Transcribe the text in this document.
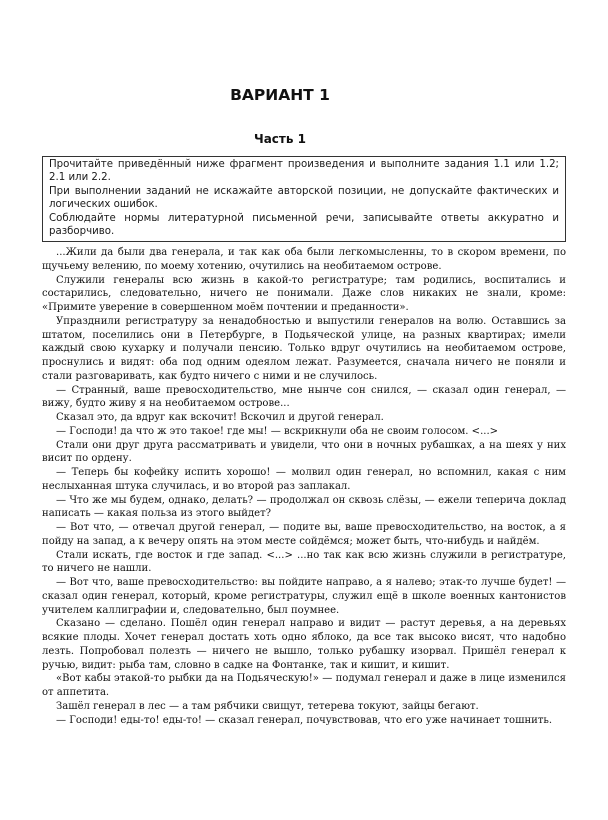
ВАРИАНТ 1
Часть 1

Прочитайте приведённый ниже фрагмент произведения и выполните задания 1.1 или 1.2; 2.1 или 2.2.

При выполнении заданий не искажайте авторской позиции, не допускайте фактических и логических ошибок.

Соблюдайте нормы литературной письменной речи, записывайте ответы аккуратно и разборчиво.

...Жили да были два генерала, и так как оба были легкомысленны, то в скором времени, по щучьему велению, по моему хотению, очутились на необитаемом острове.

Служили генералы всю жизнь в какой-то регистратуре; там родились, воспитались и состарились, следовательно, ничего не понимали. Даже слов никаких не знали, кроме: «Примите уверение в совершенном моём почтении и преданности».

Упразднили регистратуру за ненадобностью и выпустили генералов на волю. Оставшись за штатом, поселились они в Петербурге, в Подьяческой улице, на разных квартирах; имели каждый свою кухарку и получали пенсию. Только вдруг очутились на необитаемом острове, проснулись и видят: оба под одним одеялом лежат. Разумеется, сначала ничего не поняли и стали разговаривать, как будто ничего с ними и не случилось.

— Странный, ваше превосходительство, мне нынче сон снился, — сказал один генерал, — вижу, будто живу я на необитаемом острове...

Сказал это, да вдруг как вскочит! Вскочил и другой генерал.

— Господи! да что ж это такое! где мы! — вскрикнули оба не своим голосом. <...>

Стали они друг друга рассматривать и увидели, что они в ночных рубашках, а на шеях у них висит по ордену.

— Теперь бы кофейку испить хорошо! — молвил один генерал, но вспомнил, какая с ним неслыханная штука случилась, и во второй раз заплакал.

— Что же мы будем, однако, делать? — продолжал он сквозь слёзы, — ежели теперича доклад написать — какая польза из этого выйдет?

— Вот что, — отвечал другой генерал, — подите вы, ваше превосходительство, на восток, а я пойду на запад, а к вечеру опять на этом месте сойдёмся; может быть, что-нибудь и найдём.

Стали искать, где восток и где запад. <...> ...но так как всю жизнь служили в регистратуре, то ничего не нашли.

— Вот что, ваше превосходительство: вы пойдите направо, а я налево; этак-то лучше будет! — сказал один генерал, который, кроме регистратуры, служил ещё в школе военных кантонистов учителем каллиграфии и, следовательно, был поумнее.

Сказано — сделано. Пошёл один генерал направо и видит — растут деревья, а на деревьях всякие плоды. Хочет генерал достать хоть одно яблоко, да все так высоко висят, что надобно лезть. Попробовал полезть — ничего не вышло, только рубашку изорвал. Пришёл генерал к ручью, видит: рыба там, словно в садке на Фонтанке, так и кишит, и кишит.

«Вот кабы этакой-то рыбки да на Подьяческую!» — подумал генерал и даже в лице изменился от аппетита.

Зашёл генерал в лес — а там рябчики свищут, тетерева токуют, зайцы бегают.

— Господи! еды-то! еды-то! — сказал генерал, почувствовав, что его уже начинает тошнить.
